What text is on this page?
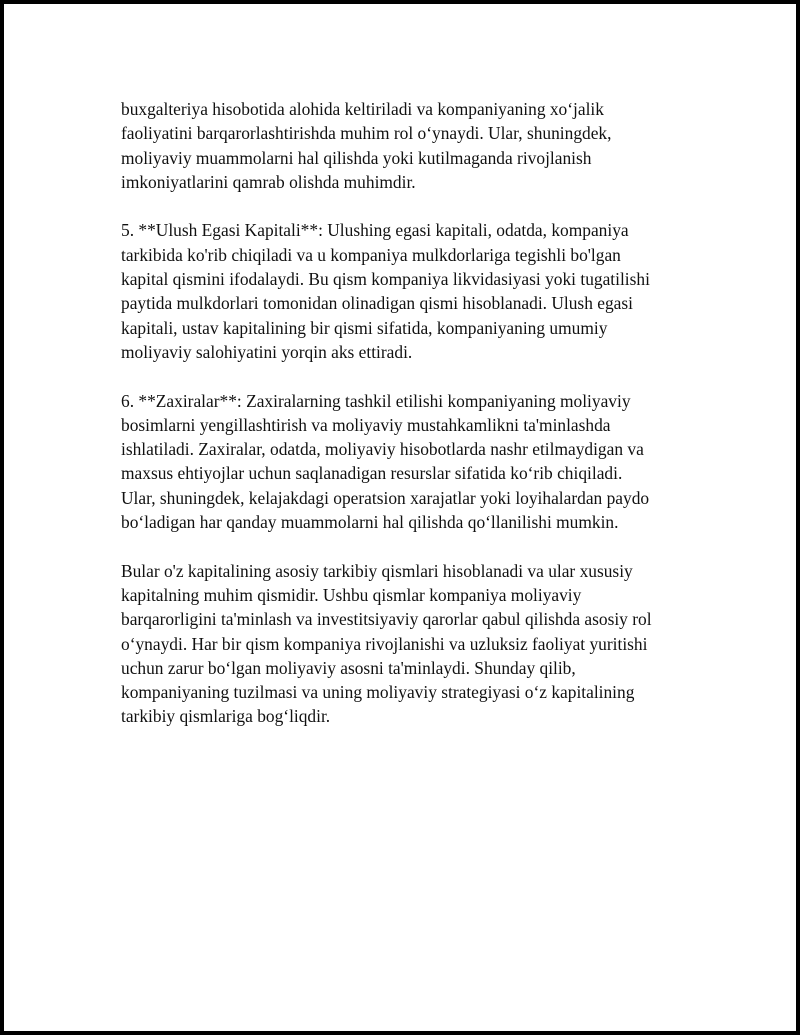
buxgalteriya hisobotida alohida keltiriladi va kompaniyaning xoʻjalik
faoliyatini barqarorlashtirishda muhim rol oʻynaydi. Ular, shuningdek,
moliyaviy muammolarni hal qilishda yoki kutilmaganda rivojlanish
imkoniyatlarini qamrab olishda muhimdir.

5. **Ulush Egasi Kapitali**: Ulushing egasi kapitali, odatda, kompaniya
tarkibida ko'rib chiqiladi va u kompaniya mulkdorlariga tegishli bo'lgan
kapital qismini ifodalaydi. Bu qism kompaniya likvidasiyasi yoki tugatilishi
paytida mulkdorlari tomonidan olinadigan qismi hisoblanadi. Ulush egasi
kapitali, ustav kapitalining bir qismi sifatida, kompaniyaning umumiy
moliyaviy salohiyatini yorqin aks ettiradi.

6. **Zaxiralar**: Zaxiralarning tashkil etilishi kompaniyaning moliyaviy
bosimlarni yengillashtirish va moliyaviy mustahkamlikni ta'minlashda
ishlatiladi. Zaxiralar, odatda, moliyaviy hisobotlarda nashr etilmaydigan va
maxsus ehtiyojlar uchun saqlanadigan resurslar sifatida koʻrib chiqiladi.
Ular, shuningdek, kelajakdagi operatsion xarajatlar yoki loyihalardan paydo
boʻladigan har qanday muammolarni hal qilishda qoʻllanilishi mumkin.

Bular o'z kapitalining asosiy tarkibiy qismlari hisoblanadi va ular xususiy
kapitalning muhim qismidir. Ushbu qismlar kompaniya moliyaviy
barqarorligini ta'minlash va investitsiyaviy qarorlar qabul qilishda asosiy rol
oʻynaydi. Har bir qism kompaniya rivojlanishi va uzluksiz faoliyat yuritishi
uchun zarur boʻlgan moliyaviy asosni ta'minlaydi. Shunday qilib,
kompaniyaning tuzilmasi va uning moliyaviy strategiyasi oʻz kapitalining
tarkibiy qismlariga bogʻliqdir.
